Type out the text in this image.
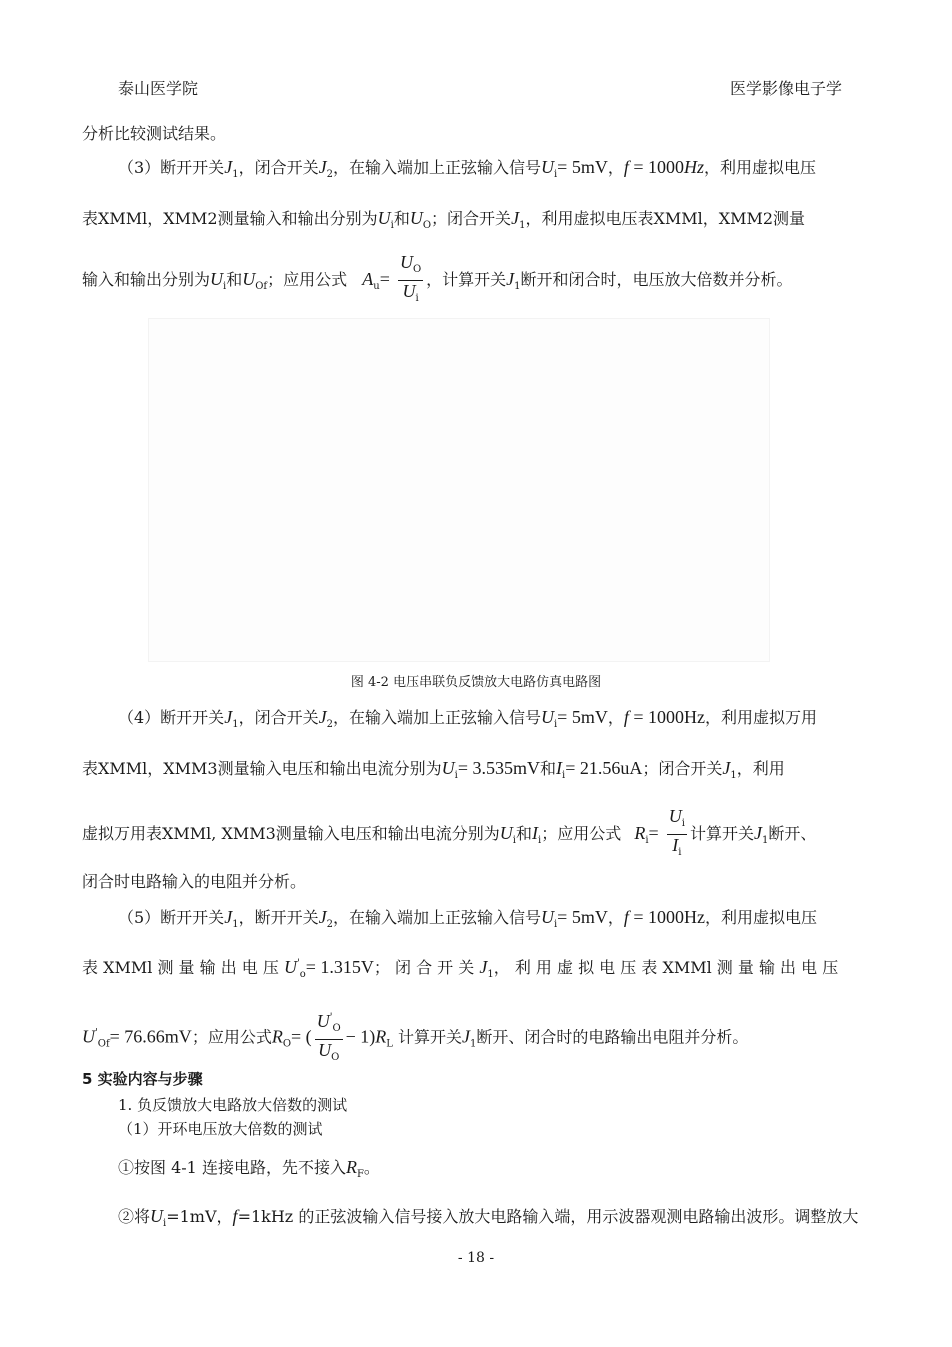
泰山医学院	医学影像电子学
分析比较测试结果。
（3）断开开关$J_1$，闭合开关$J_2$，在输入端加上正弦输入信号$U_i= 5mV$，f = 1000Hz，利用虚拟电压
表XMMl，XMM2测量输入和输出分别为$U_i$和$U_O$；闭合开关$J_1$，利用虚拟电压表XMMl，XMM2测量
输入和输出分别为$U_i$和$U_{Of}$；应用公式 $A_u= \frac{U_O}{U_i}$ ，计算开关$J_1$断开和闭合时，电压放大倍数并分析。
图 4-2 电压串联负反馈放大电路仿真电路图
（4）断开开关$J_1$，闭合开关$J_2$，在输入端加上正弦输入信号$U_i= 5mV$，f = 1000Hz，利用虚拟万用
表XMMl，XMM3测量输入电压和输出电流分别为$U_i= 3.535mV$和$I_i= 21.56uA$；闭合开关$J_1$，利用
虚拟万用表XMMl, XMM3测量输入电压和输出电流分别为$U_i$和$I_i$；应用公式 $R_i= \frac{U_i}{I_i}$ 计算开关$J_1$断开、
闭合时电路输入的电阻并分析。
（5）断开开关$J_1$，断开开关$J_2$，在输入端加上正弦输入信号$U_i= 5mV$，f = 1000Hz，利用虚拟电压
表 XMMl 测 量 输 出 电 压 $U'_o= 1.315V$； 闭 合 开 关 $J_1$， 利 用 虚 拟 电 压 表 XMMl 测 量 输 出 电 压
$U'_{Of}= 76.66mV$；应用公式$R_O=$ ( $\frac{U'_O}{U_O} - 1)R_L$ 计算开关$J_1$断开、闭合时的电路输出电阻并分析。
5 实验内容与步骤
1. 负反馈放大电路放大倍数的测试
（1）开环电压放大倍数的测试
①按图 4-1 连接电路，先不接入$R_F$。
②将$U_i=1mV$，f=1kHz 的正弦波输入信号接入放大电路输入端，用示波器观测电路输出波形。调整放大
- 18 -
